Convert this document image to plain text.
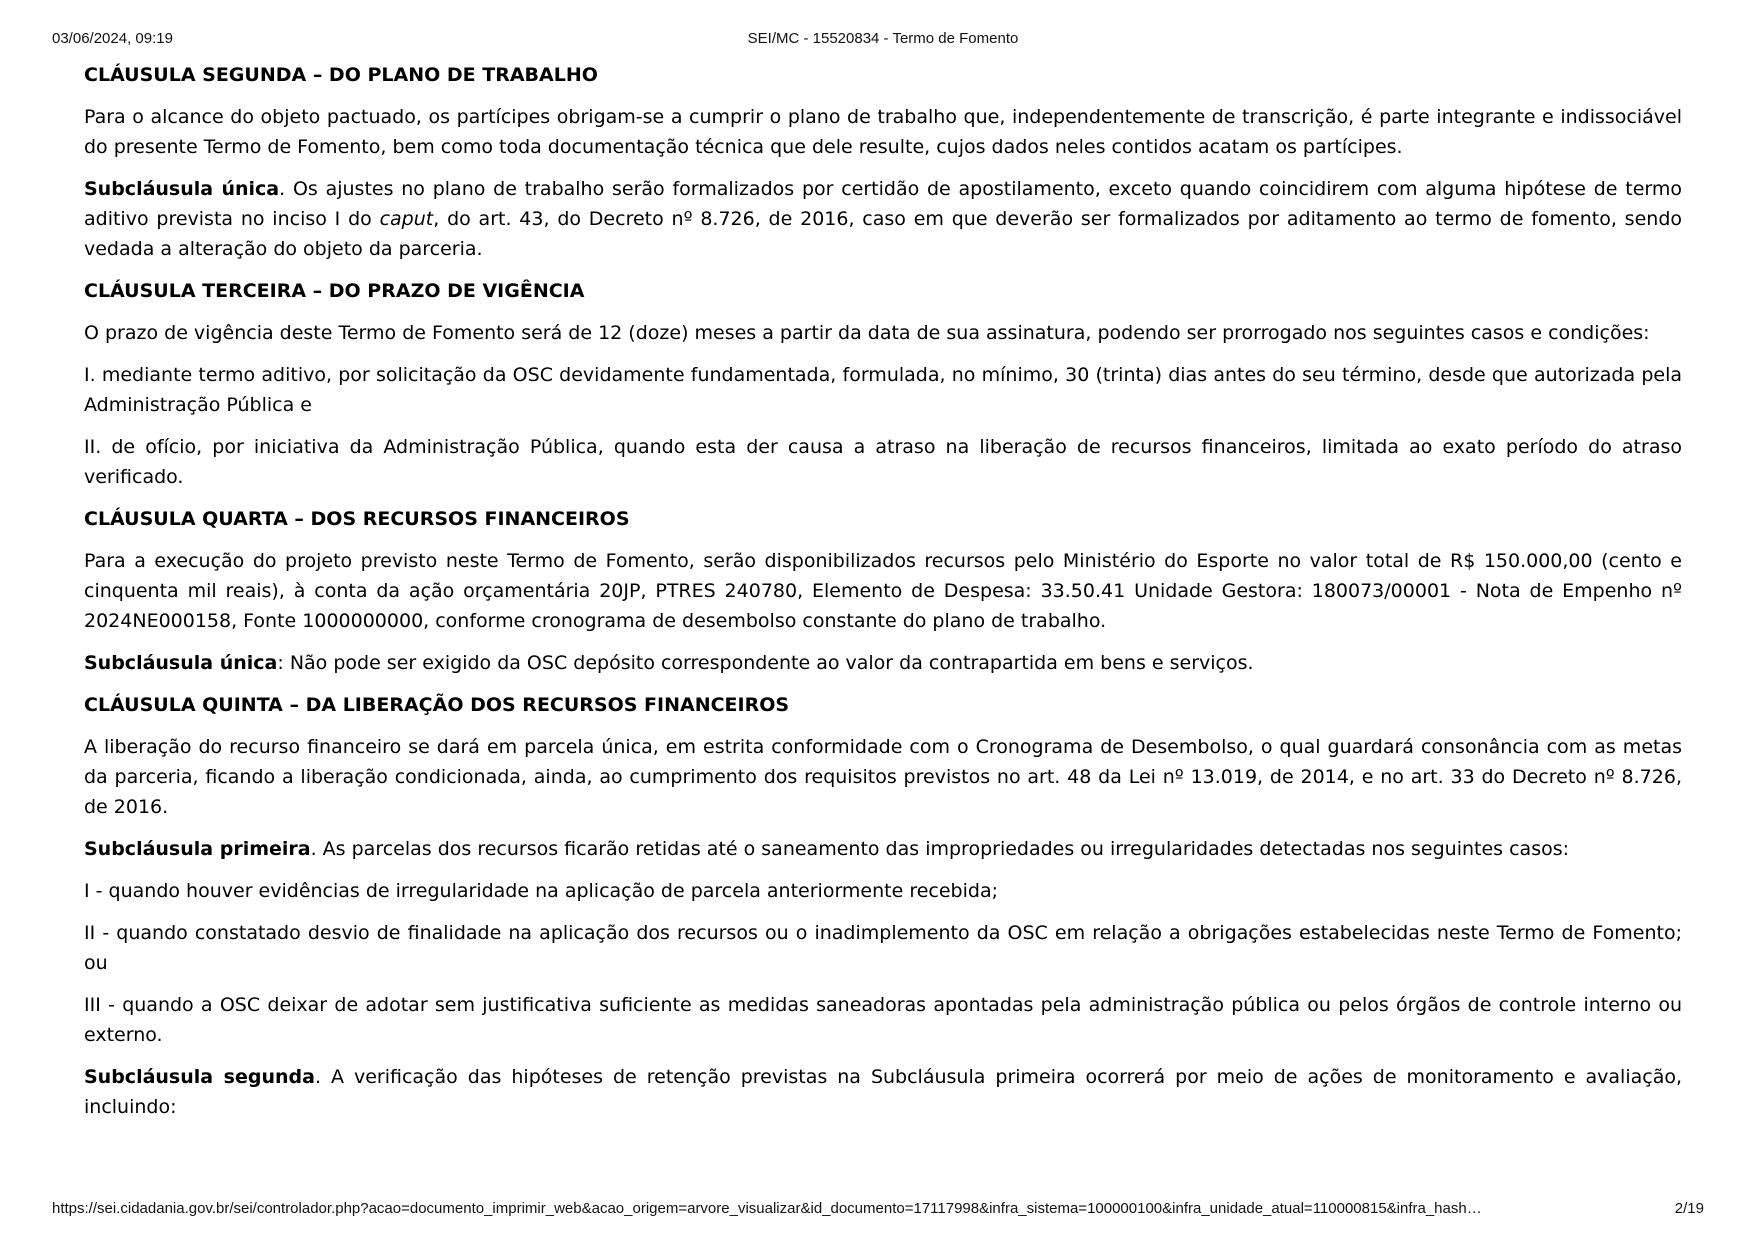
03/06/2024, 09:19	SEI/MC - 15520834 - Termo de Fomento
CLÁUSULA SEGUNDA – DO PLANO DE TRABALHO

Para o alcance do objeto pactuado, os partícipes obrigam-se a cumprir o plano de trabalho que, independentemente de transcrição, é parte integrante e indissociável do presente Termo de Fomento, bem como toda documentação técnica que dele resulte, cujos dados neles contidos acatam os partícipes.

Subcláusula única. Os ajustes no plano de trabalho serão formalizados por certidão de apostilamento, exceto quando coincidirem com alguma hipótese de termo aditivo prevista no inciso I do caput, do art. 43, do Decreto nº 8.726, de 2016, caso em que deverão ser formalizados por aditamento ao termo de fomento, sendo vedada a alteração do objeto da parceria.

CLÁUSULA TERCEIRA – DO PRAZO DE VIGÊNCIA

O prazo de vigência deste Termo de Fomento será de 12 (doze) meses a partir da data de sua assinatura, podendo ser prorrogado nos seguintes casos e condições:

I. mediante termo aditivo, por solicitação da OSC devidamente fundamentada, formulada, no mínimo, 30 (trinta) dias antes do seu término, desde que autorizada pela Administração Pública e

II. de ofício, por iniciativa da Administração Pública, quando esta der causa a atraso na liberação de recursos financeiros, limitada ao exato período do atraso verificado.

CLÁUSULA QUARTA – DOS RECURSOS FINANCEIROS

Para a execução do projeto previsto neste Termo de Fomento, serão disponibilizados recursos pelo Ministério do Esporte no valor total de R$ 150.000,00 (cento e cinquenta mil reais), à conta da ação orçamentária 20JP, PTRES 240780, Elemento de Despesa: 33.50.41 Unidade Gestora: 180073/00001 - Nota de Empenho nº 2024NE000158, Fonte 1000000000, conforme cronograma de desembolso constante do plano de trabalho.

Subcláusula única: Não pode ser exigido da OSC depósito correspondente ao valor da contrapartida em bens e serviços.

CLÁUSULA QUINTA – DA LIBERAÇÃO DOS RECURSOS FINANCEIROS

A liberação do recurso financeiro se dará em parcela única, em estrita conformidade com o Cronograma de Desembolso, o qual guardará consonância com as metas da parceria, ficando a liberação condicionada, ainda, ao cumprimento dos requisitos previstos no art. 48 da Lei nº 13.019, de 2014, e no art. 33 do Decreto nº 8.726, de 2016.

Subcláusula primeira. As parcelas dos recursos ficarão retidas até o saneamento das impropriedades ou irregularidades detectadas nos seguintes casos:

I - quando houver evidências de irregularidade na aplicação de parcela anteriormente recebida;

II - quando constatado desvio de finalidade na aplicação dos recursos ou o inadimplemento da OSC em relação a obrigações estabelecidas neste Termo de Fomento; ou

III - quando a OSC deixar de adotar sem justificativa suficiente as medidas saneadoras apontadas pela administração pública ou pelos órgãos de controle interno ou externo.

Subcláusula segunda. A verificação das hipóteses de retenção previstas na Subcláusula primeira ocorrerá por meio de ações de monitoramento e avaliação, incluindo:

https://sei.cidadania.gov.br/sei/controlador.php?acao=documento_imprimir_web&acao_origem=arvore_visualizar&id_documento=17117998&infra_sistema=100000100&infra_unidade_atual=110000815&infra_hash…	2/19
